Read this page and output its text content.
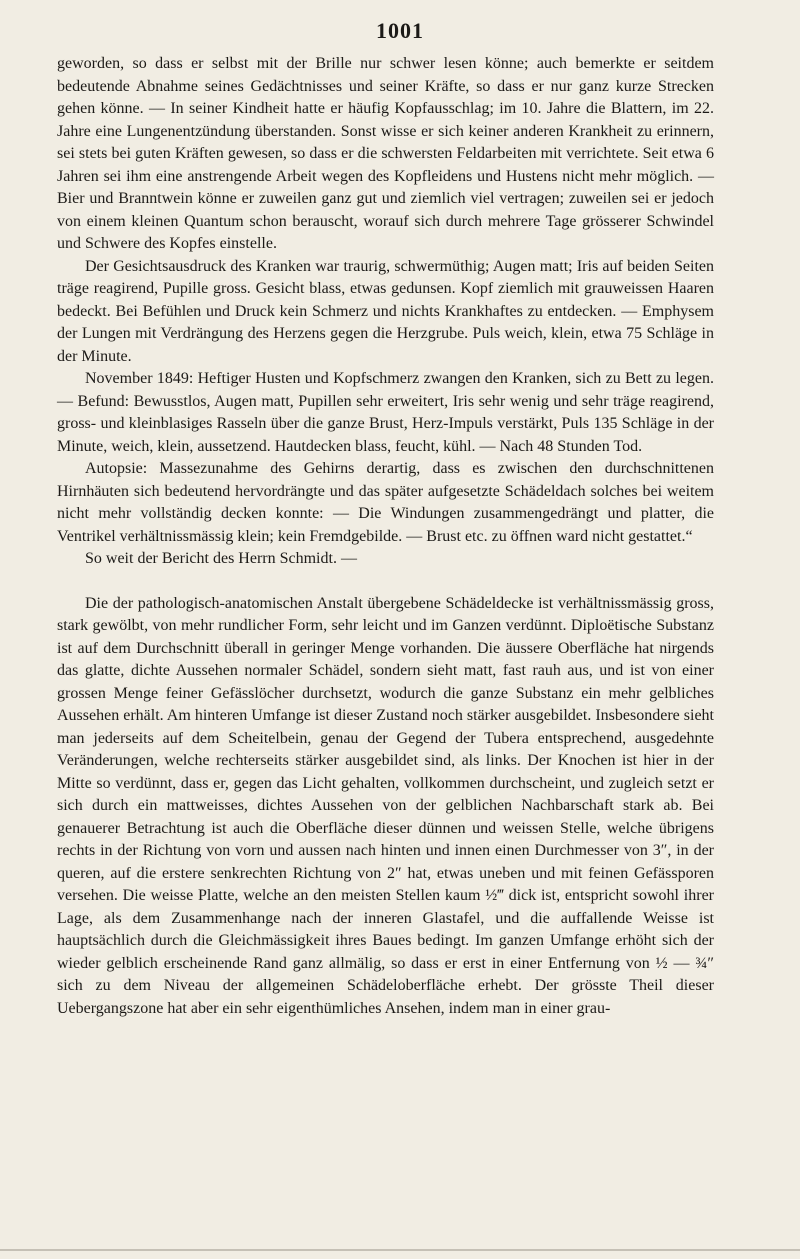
1001

geworden, so dass er selbst mit der Brille nur schwer lesen könne; auch bemerkte er seitdem bedeutende Abnahme seines Gedächtnisses und seiner Kräfte, so dass er nur ganz kurze Strecken gehen könne. — In seiner Kindheit hatte er häufig Kopfausschlag; im 10. Jahre die Blattern, im 22. Jahre eine Lungenentzündung überstanden. Sonst wisse er sich keiner anderen Krankheit zu erinnern, sei stets bei guten Kräften gewesen, so dass er die schwersten Feldarbeiten mit verrichtete. Seit etwa 6 Jahren sei ihm eine anstrengende Arbeit wegen des Kopfleidens und Hustens nicht mehr möglich. — Bier und Branntwein könne er zuweilen ganz gut und ziemlich viel vertragen; zuweilen sei er jedoch von einem kleinen Quantum schon berauscht, worauf sich durch mehrere Tage grösserer Schwindel und Schwere des Kopfes einstelle.

Der Gesichtsausdruck des Kranken war traurig, schwermüthig; Augen matt; Iris auf beiden Seiten träge reagirend, Pupille gross. Gesicht blass, etwas gedunsen. Kopf ziemlich mit grauweissen Haaren bedeckt. Bei Befühlen und Druck kein Schmerz und nichts Krankhaftes zu entdecken. — Emphysem der Lungen mit Verdrängung des Herzens gegen die Herzgrube. Puls weich, klein, etwa 75 Schläge in der Minute.

November 1849: Heftiger Husten und Kopfschmerz zwangen den Kranken, sich zu Bett zu legen. — Befund: Bewusstlos, Augen matt, Pupillen sehr erweitert, Iris sehr wenig und sehr träge reagirend, gross- und kleinblasiges Rasseln über die ganze Brust, Herz-Impuls verstärkt, Puls 135 Schläge in der Minute, weich, klein, aussetzend. Hautdecken blass, feucht, kühl. — Nach 48 Stunden Tod.

Autopsie: Massezunahme des Gehirns derartig, dass es zwischen den durchschnittenen Hirnhäuten sich bedeutend hervordrängte und das später aufgesetzte Schädeldach solches bei weitem nicht mehr vollständig decken konnte: — Die Windungen zusammengedrängt und platter, die Ventrikel verhältnissmässig klein; kein Fremdgebilde. — Brust etc. zu öffnen ward nicht gestattet.“

So weit der Bericht des Herrn Schmidt. —

Die der pathologisch-anatomischen Anstalt übergebene Schädeldecke ist verhältnissmässig gross, stark gewölbt, von mehr rundlicher Form, sehr leicht und im Ganzen verdünnt. Diploëtische Substanz ist auf dem Durchschnitt überall in geringer Menge vorhanden. Die äussere Oberfläche hat nirgends das glatte, dichte Aussehen normaler Schädel, sondern sieht matt, fast rauh aus, und ist von einer grossen Menge feiner Gefässlöcher durchsetzt, wodurch die ganze Substanz ein mehr gelbliches Aussehen erhält. Am hinteren Umfange ist dieser Zustand noch stärker ausgebildet. Insbesondere sieht man jederseits auf dem Scheitelbein, genau der Gegend der Tubera entsprechend, ausgedehnte Veränderungen, welche rechterseits stärker ausgebildet sind, als links. Der Knochen ist hier in der Mitte so verdünnt, dass er, gegen das Licht gehalten, vollkommen durchscheint, und zugleich setzt er sich durch ein mattweisses, dichtes Aussehen von der gelblichen Nachbarschaft stark ab. Bei genauerer Betrachtung ist auch die Oberfläche dieser dünnen und weissen Stelle, welche übrigens rechts in der Richtung von vorn und aussen nach hinten und innen einen Durchmesser von 3″, in der queren, auf die erstere senkrechten Richtung von 2″ hat, etwas uneben und mit feinen Gefässporen versehen. Die weisse Platte, welche an den meisten Stellen kaum ½‴ dick ist, entspricht sowohl ihrer Lage, als dem Zusammenhange nach der inneren Glastafel, und die auffallende Weisse ist hauptsächlich durch die Gleichmässigkeit ihres Baues bedingt. Im ganzen Umfange erhöht sich der wieder gelblich erscheinende Rand ganz allmälig, so dass er erst in einer Entfernung von ½ — ¾″ sich zu dem Niveau der allgemeinen Schädeloberfläche erhebt. Der grösste Theil dieser Uebergangszone hat aber ein sehr eigenthümliches Ansehen, indem man in einer grau-
